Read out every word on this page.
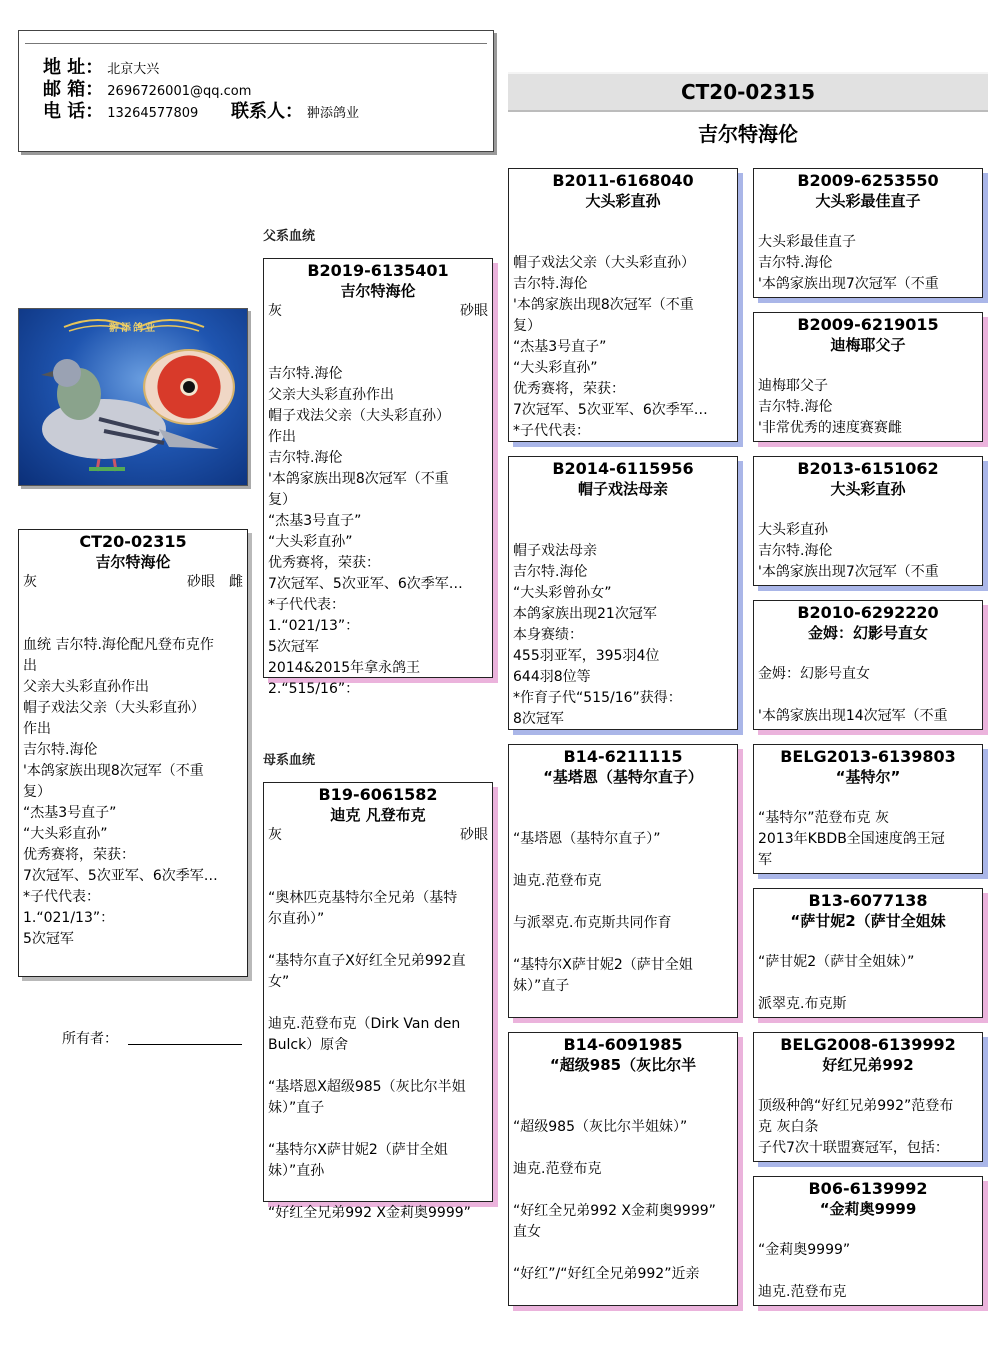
地 址： 北京大兴
邮 箱： 2696726001@qq.com
电 话： 13264577809 联系人： 翀添鸽业
CT20-02315
吉尔特海伦
翀添鸽业
CT20-02315
吉尔特海伦
灰	砂眼 雌

血统 吉尔特.海伦配凡登布克作
出
父亲大头彩直孙作出
帽子戏法父亲（大头彩直孙）
作出
吉尔特.海伦
'本鸽家族出现8次冠军（不重
复）
“杰基3号直子”
“大头彩直孙”
优秀赛将，荣获：
7次冠军、5次亚军、6次季军…
*子代代表：
1.“021/13”：
5次冠军
所有者：
父系血统
母系血统
B2019-6135401
吉尔特海伦
灰	砂眼

吉尔特.海伦
父亲大头彩直孙作出
帽子戏法父亲（大头彩直孙）
作出
吉尔特.海伦
'本鸽家族出现8次冠军（不重
复）
“杰基3号直子”
“大头彩直孙”
优秀赛将，荣获：
7次冠军、5次亚军、6次季军…
*子代代表：
1.“021/13”：
5次冠军
2014&2015年拿永鸽王
2.“515/16”：
B19-6061582
迪克 凡登布克
灰	砂眼

“奥林匹克基特尔全兄弟（基特
尔直孙）”

“基特尔直子X好红全兄弟992直
女”

迪克.范登布克（Dirk Van den
Bulck）原舍

“基塔恩X超级985（灰比尔半姐
妹）”直子

“基特尔X萨甘妮2（萨甘全姐
妹）”直孙

“好红全兄弟992 X金莉奥9999”
B2011-6168040
大头彩直孙

帽子戏法父亲（大头彩直孙）
吉尔特.海伦
'本鸽家族出现8次冠军（不重
复）
“杰基3号直子”
“大头彩直孙”
优秀赛将，荣获：
7次冠军、5次亚军、6次季军…
*子代代表：
B2014-6115956
帽子戏法母亲

帽子戏法母亲
吉尔特.海伦
“大头彩曾孙女”
本鸽家族出现21次冠军
本身赛绩：
455羽亚军，395羽4位
644羽8位等
*作育子代“515/16”获得：
8次冠军
B14-6211115
“基塔恩（基特尔直子）

“基塔恩（基特尔直子）”

迪克.范登布克

与派翠克.布克斯共同作育

“基特尔X萨甘妮2（萨甘全姐
妹）”直子
B14-6091985
“超级985（灰比尔半

“超级985（灰比尔半姐妹）”

迪克.范登布克

“好红全兄弟992 X金莉奥9999”
直女

“好红”/“好红全兄弟992”近亲
B2009-6253550
大头彩最佳直子

大头彩最佳直子
吉尔特.海伦
'本鸽家族出现7次冠军（不重
B2009-6219015
迪梅耶父子

迪梅耶父子
吉尔特.海伦
'非常优秀的速度赛赛雌
B2013-6151062
大头彩直孙

大头彩直孙
吉尔特.海伦
'本鸽家族出现7次冠军（不重
B2010-6292220
金姆：幻影号直女

金姆：幻影号直女

'本鸽家族出现14次冠军（不重
BELG2013-6139803
“基特尔”

“基特尔”范登布克 灰
2013年KBDB全国速度鸽王冠
军
B13-6077138
“萨甘妮2（萨甘全姐妹

“萨甘妮2（萨甘全姐妹）”

派翠克.布克斯
BELG2008-6139992
好红兄弟992

顶级种鸽“好红兄弟992”范登布
克 灰白条
子代7次十联盟赛冠军，包括：
B06-6139992
“金莉奥9999

“金莉奥9999”

迪克.范登布克
